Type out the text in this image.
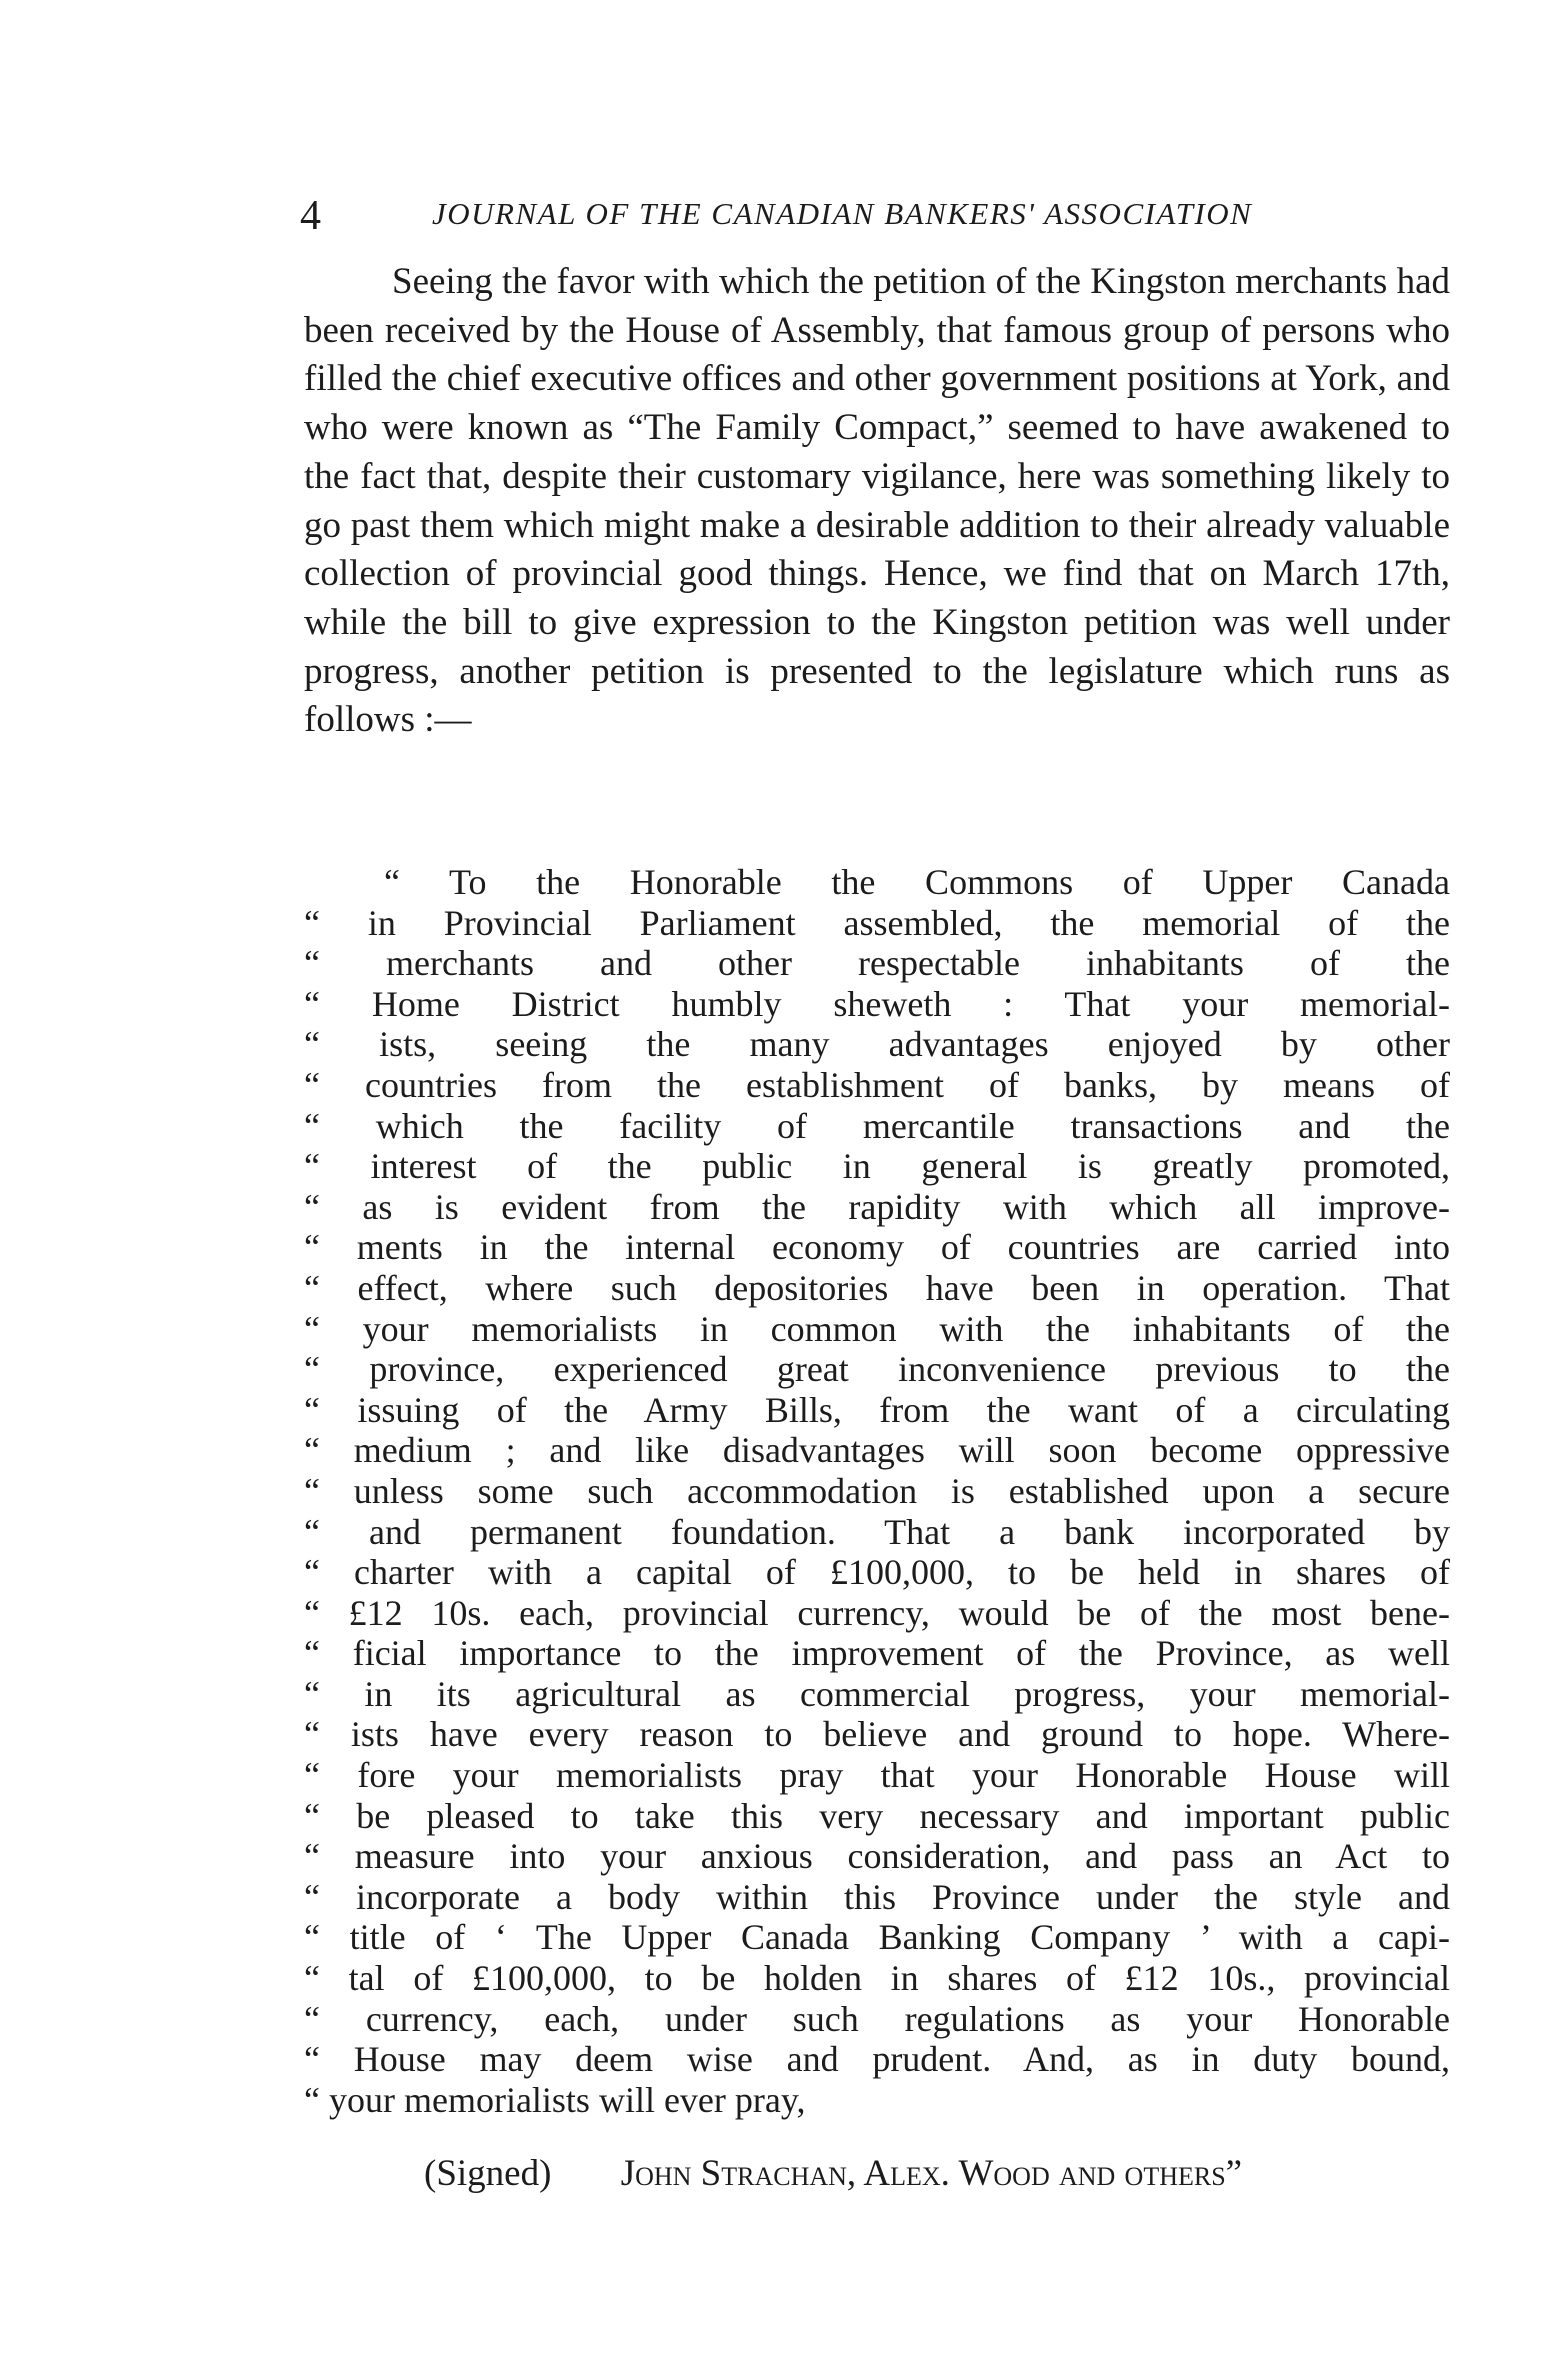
4	JOURNAL OF THE CANADIAN BANKERS' ASSOCIATION

Seeing the favor with which the petition of the Kingston merchants had been received by the House of Assembly, that famous group of persons who filled the chief executive offices and other government positions at York, and who were known as “The Family Compact,” seemed to have awakened to the fact that, despite their customary vigilance, here was something likely to go past them which might make a desirable addition to their already valuable collection of provincial good things. Hence, we find that on March 17th, while the bill to give expression to the Kingston petition was well under progress, another petition is presented to the legislature which runs as follows :—

“ To the Honorable the Commons of Upper Canada
“ in Provincial Parliament assembled, the memorial of the
“ merchants and other respectable inhabitants of the
“ Home District humbly sheweth : That your memorial-
“ ists, seeing the many advantages enjoyed by other
“ countries from the establishment of banks, by means of
“ which the facility of mercantile transactions and the
“ interest of the public in general is greatly promoted,
“ as is evident from the rapidity with which all improve-
“ ments in the internal economy of countries are carried into
“ effect, where such depositories have been in operation. That
“ your memorialists in common with the inhabitants of the
“ province, experienced great inconvenience previous to the
“ issuing of the Army Bills, from the want of a circulating
“ medium ; and like disadvantages will soon become oppressive
“ unless some such accommodation is established upon a secure
“ and permanent foundation. That a bank incorporated by
“ charter with a capital of £100,000, to be held in shares of
“ £12 10s. each, provincial currency, would be of the most bene-
“ ficial importance to the improvement of the Province, as well
“ in its agricultural as commercial progress, your memorial-
“ ists have every reason to believe and ground to hope. Where-
“ fore your memorialists pray that your Honorable House will
“ be pleased to take this very necessary and important public
“ measure into your anxious consideration, and pass an Act to
“ incorporate a body within this Province under the style and
“ title of ‘ The Upper Canada Banking Company ’ with a capi-
“ tal of £100,000, to be holden in shares of £12 10s., provincial
“ currency, each, under such regulations as your Honorable
“ House may deem wise and prudent. And, as in duty bound,
“ your memorialists will ever pray,
(Signed) John Strachan, Alex. Wood and others”
